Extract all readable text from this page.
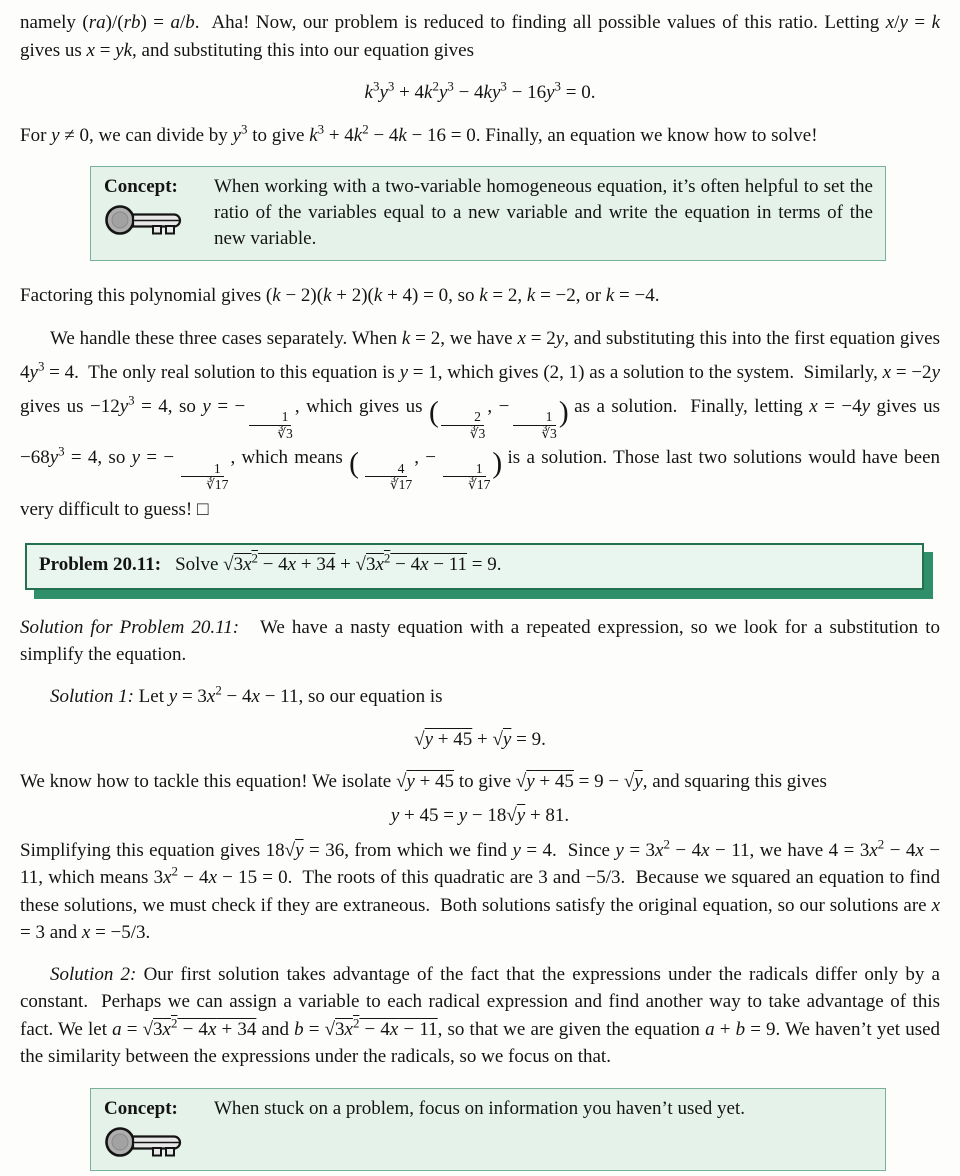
namely (ra)/(rb) = a/b.  Aha! Now, our problem is reduced to finding all possible values of this ratio. Letting x/y = k gives us x = yk, and substituting this into our equation gives

$k^3y^3 + 4k^2y^3 - 4ky^3 - 16y^3 = 0$.

For y ≠ 0, we can divide by $y^3$ to give $k^3 + 4k^2 - 4k - 16 = 0$. Finally, an equation we know how to solve!

Concept:	When working with a two-variable homogeneous equation, it’s often helpful to set the ratio of the variables equal to a new variable and write the equation in terms of the new variable.

Factoring this polynomial gives (k − 2)(k + 2)(k + 4) = 0, so k = 2, k = −2, or k = −4.

We handle these three cases separately. When k = 2, we have x = 2y, and substituting this into the first equation gives $4y^3 = 4$.  The only real solution to this equation is y = 1, which gives (2, 1) as a solution to the system.  Similarly, x = −2y gives us $-12y^3 = 4$, so y = −
$\frac{1}{∛3}$
, which gives us ( $\frac{2}{∛3}$
, −
$\frac{1}{∛3}$ ) as a solution.  Finally, letting x = −4y gives us $-68y^3 = 4$, so y = −
$\frac{1}{∛17}$
, which means ( $\frac{4}{∛17}$
, −
$\frac{1}{∛17}$ ) is a solution. Those last two solutions would have been very difficult to guess! □

Problem 20.11: Solve $√3x^2 - 4x + 34 + √3x^2 - 4x - 11 = 9$.

Solution for Problem 20.11:   We have a nasty equation with a repeated expression, so we look for a substitution to simplify the equation.

Solution 1: Let $y = 3x^2 - 4x - 11$, so our equation is

√y + 45 + √y = 9.

We know how to tackle this equation! We isolate √y + 45 to give √y + 45 = 9 − √y, and squaring this gives

y + 45 = y − 18√y + 81.

Simplifying this equation gives 18√y = 36, from which we find y = 4.  Since $y = 3x^2 - 4x - 11$, we have $4 = 3x^2 - 4x - 11$, which means $3x^2 - 4x - 15 = 0$.  The roots of this quadratic are 3 and −5/3.  Because we squared an equation to find these solutions, we must check if they are extraneous.  Both solutions satisfy the original equation, so our solutions are x = 3 and x = −5/3.

Solution 2: Our first solution takes advantage of the fact that the expressions under the radicals differ only by a constant.  Perhaps we can assign a variable to each radical expression and find another way to take advantage of this fact. We let $a = √3x^2 - 4x + 34$ and $b = √3x^2 - 4x - 11$, so that we are given the equation a + b = 9. We haven’t yet used the similarity between the expressions under the radicals, so we focus on that.

Concept:	When stuck on a problem, focus on information you haven’t used yet.
